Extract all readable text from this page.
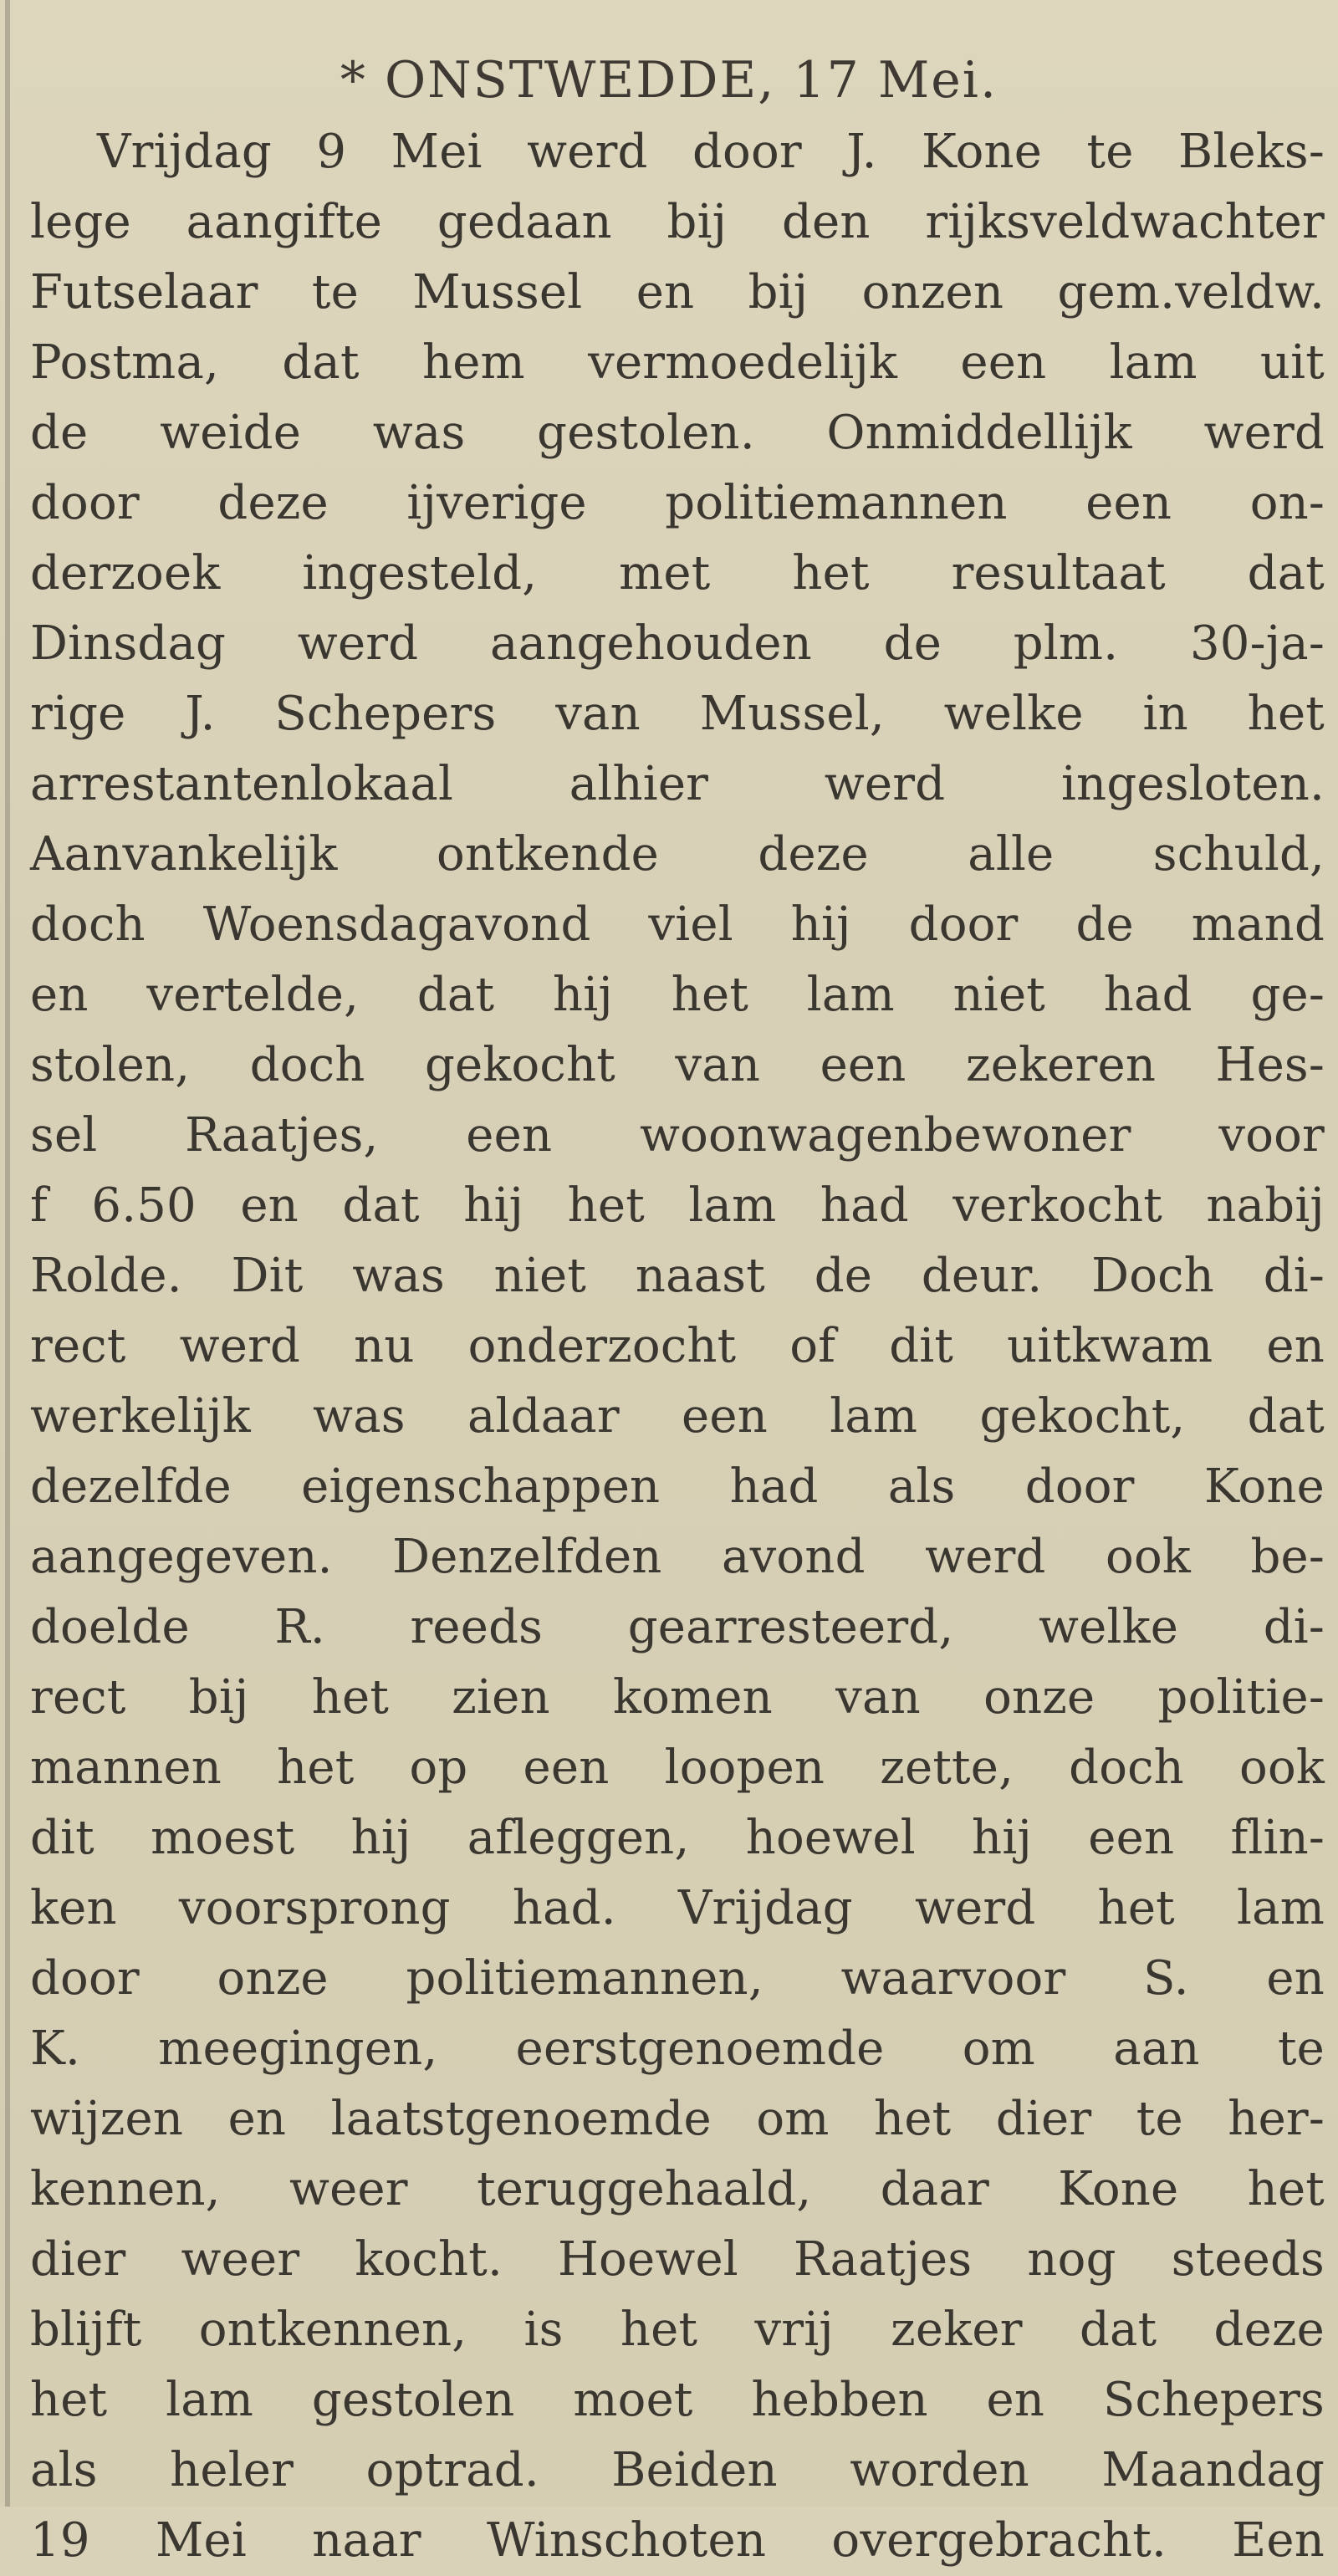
* ONSTWEDDE, 17 Mei.
Vrijdag 9 Mei werd door J. Kone te Bleks-
lege aangifte gedaan bij den rijksveldwachter
Futselaar te Mussel en bij onzen gem.veldw.
Postma, dat hem vermoedelijk een lam uit
de weide was gestolen. Onmiddellijk werd
door deze ijverige politiemannen een on-
derzoek ingesteld, met het resultaat dat
Dinsdag werd aangehouden de plm. 30-ja-
rige J. Schepers van Mussel, welke in het
arrestantenlokaal alhier werd ingesloten.
Aanvankelijk ontkende deze alle schuld,
doch Woensdagavond viel hij door de mand
en vertelde, dat hij het lam niet had ge-
stolen, doch gekocht van een zekeren Hes-
sel Raatjes, een woonwagenbewoner voor
f 6.50 en dat hij het lam had verkocht nabij
Rolde. Dit was niet naast de deur. Doch di-
rect werd nu onderzocht of dit uitkwam en
werkelijk was aldaar een lam gekocht, dat
dezelfde eigenschappen had als door Kone
aangegeven. Denzelfden avond werd ook be-
doelde R. reeds gearresteerd, welke di-
rect bij het zien komen van onze politie-
mannen het op een loopen zette, doch ook
dit moest hij afleggen, hoewel hij een flin-
ken voorsprong had. Vrijdag werd het lam
door onze politiemannen, waarvoor S. en
K. meegingen, eerstgenoemde om aan te
wijzen en laatstgenoemde om het dier te her-
kennen, weer teruggehaald, daar Kone het
dier weer kocht. Hoewel Raatjes nog steeds
blijft ontkennen, is het vrij zeker dat deze
het lam gestolen moet hebben en Schepers
als heler optrad. Beiden worden Maandag
19 Mei naar Winschoten overgebracht. Een
